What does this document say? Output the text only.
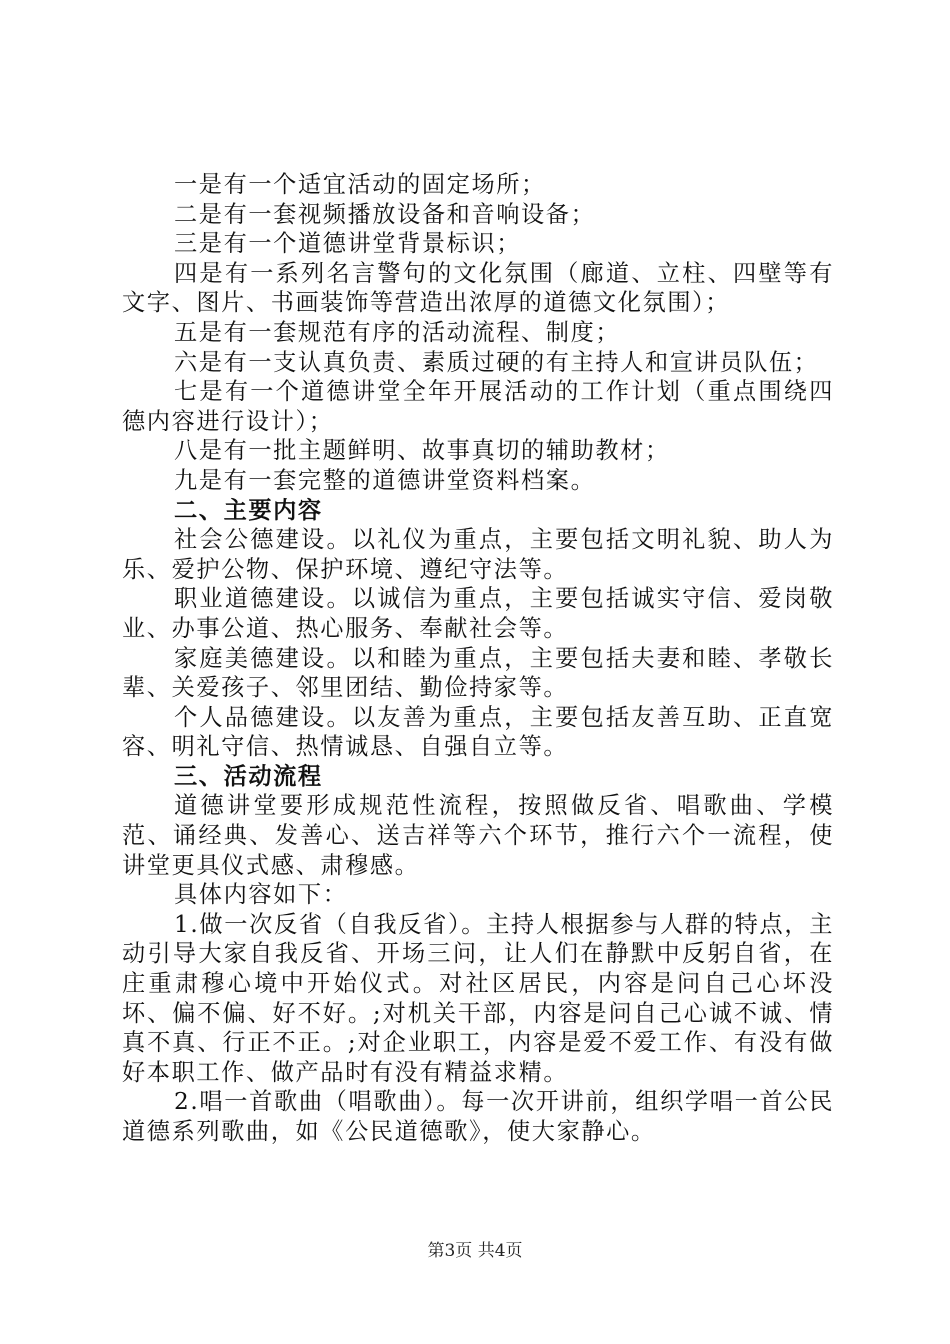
一是有一个适宜活动的固定场所；

二是有一套视频播放设备和音响设备；

三是有一个道德讲堂背景标识；

四是有一系列名言警句的文化氛围（廊道、立柱、四壁等有文字、图片、书画装饰等营造出浓厚的道德文化氛围）；

五是有一套规范有序的活动流程、制度；

六是有一支认真负责、素质过硬的有主持人和宣讲员队伍；

七是有一个道德讲堂全年开展活动的工作计划（重点围绕四德内容进行设计）；

八是有一批主题鲜明、故事真切的辅助教材；

九是有一套完整的道德讲堂资料档案。

二、主要内容

社会公德建设。以礼仪为重点，主要包括文明礼貌、助人为乐、爱护公物、保护环境、遵纪守法等。

职业道德建设。以诚信为重点，主要包括诚实守信、爱岗敬业、办事公道、热心服务、奉献社会等。

家庭美德建设。以和睦为重点，主要包括夫妻和睦、孝敬长辈、关爱孩子、邻里团结、勤俭持家等。

个人品德建设。以友善为重点，主要包括友善互助、正直宽容、明礼守信、热情诚恳、自强自立等。

三、活动流程

道德讲堂要形成规范性流程，按照做反省、唱歌曲、学模范、诵经典、发善心、送吉祥等六个环节，推行六个一流程，使讲堂更具仪式感、肃穆感。

具体内容如下：

1.做一次反省（自我反省）。主持人根据参与人群的特点，主动引导大家自我反省、开场三问，让人们在静默中反躬自省，在庄重肃穆心境中开始仪式。对社区居民，内容是问自己心坏没坏、偏不偏、好不好。;对机关干部，内容是问自己心诚不诚、情真不真、行正不正。;对企业职工，内容是爱不爱工作、有没有做好本职工作、做产品时有没有精益求精。

2.唱一首歌曲（唱歌曲）。每一次开讲前，组织学唱一首公民道德系列歌曲，如《公民道德歌》，使大家静心。

第3页 共4页
